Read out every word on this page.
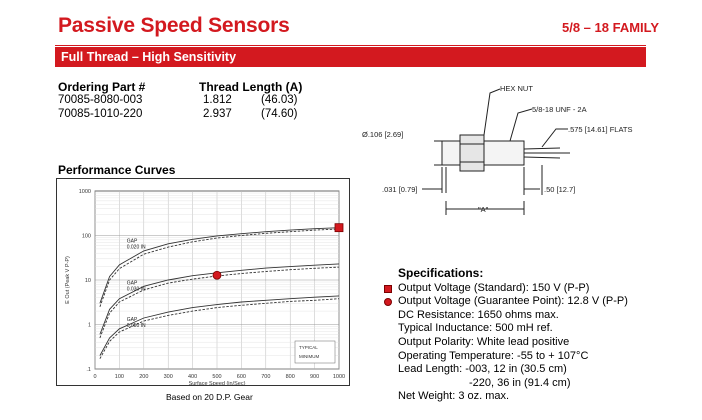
Passive Speed Sensors	5/8 – 18 FAMILY
Full Thread – High Sensitivity
Ordering Part #	Thread Length (A)
70085-8080-003	1.812	(46.03)
70085-1010-220	2.937	(74.60)
HEX NUT
5/8-18 UNF - 2A
.575 [14.61] FLATS
Ø.106 [2.69]
.031 [0.79]	.50 [12.7]
"A"
Performance Curves
0	100	200	300	400	500	600	700	800	900 1000
1000
100
10
1
.1
Surface Speed (in/Sec)
E Out (Peak V P-P)
GAP
0.020 IN
GAP
0.030 IN
GAP
0.050 IN
TYPICAL
MINIMUM
Based on 20 D.P. Gear
Specifications:
Output Voltage (Standard): 150 V (P-P)
Output Voltage (Guarantee Point): 12.8 V (P-P)
DC Resistance: 1650 ohms max.
Typical Inductance: 500 mH ref.
Output Polarity: White lead positive
Operating Temperature: -55 to + 107°C
Lead Length: -003, 12 in (30.5 cm)
-220, 36 in (91.4 cm)
Net Weight: 3 oz. max.
